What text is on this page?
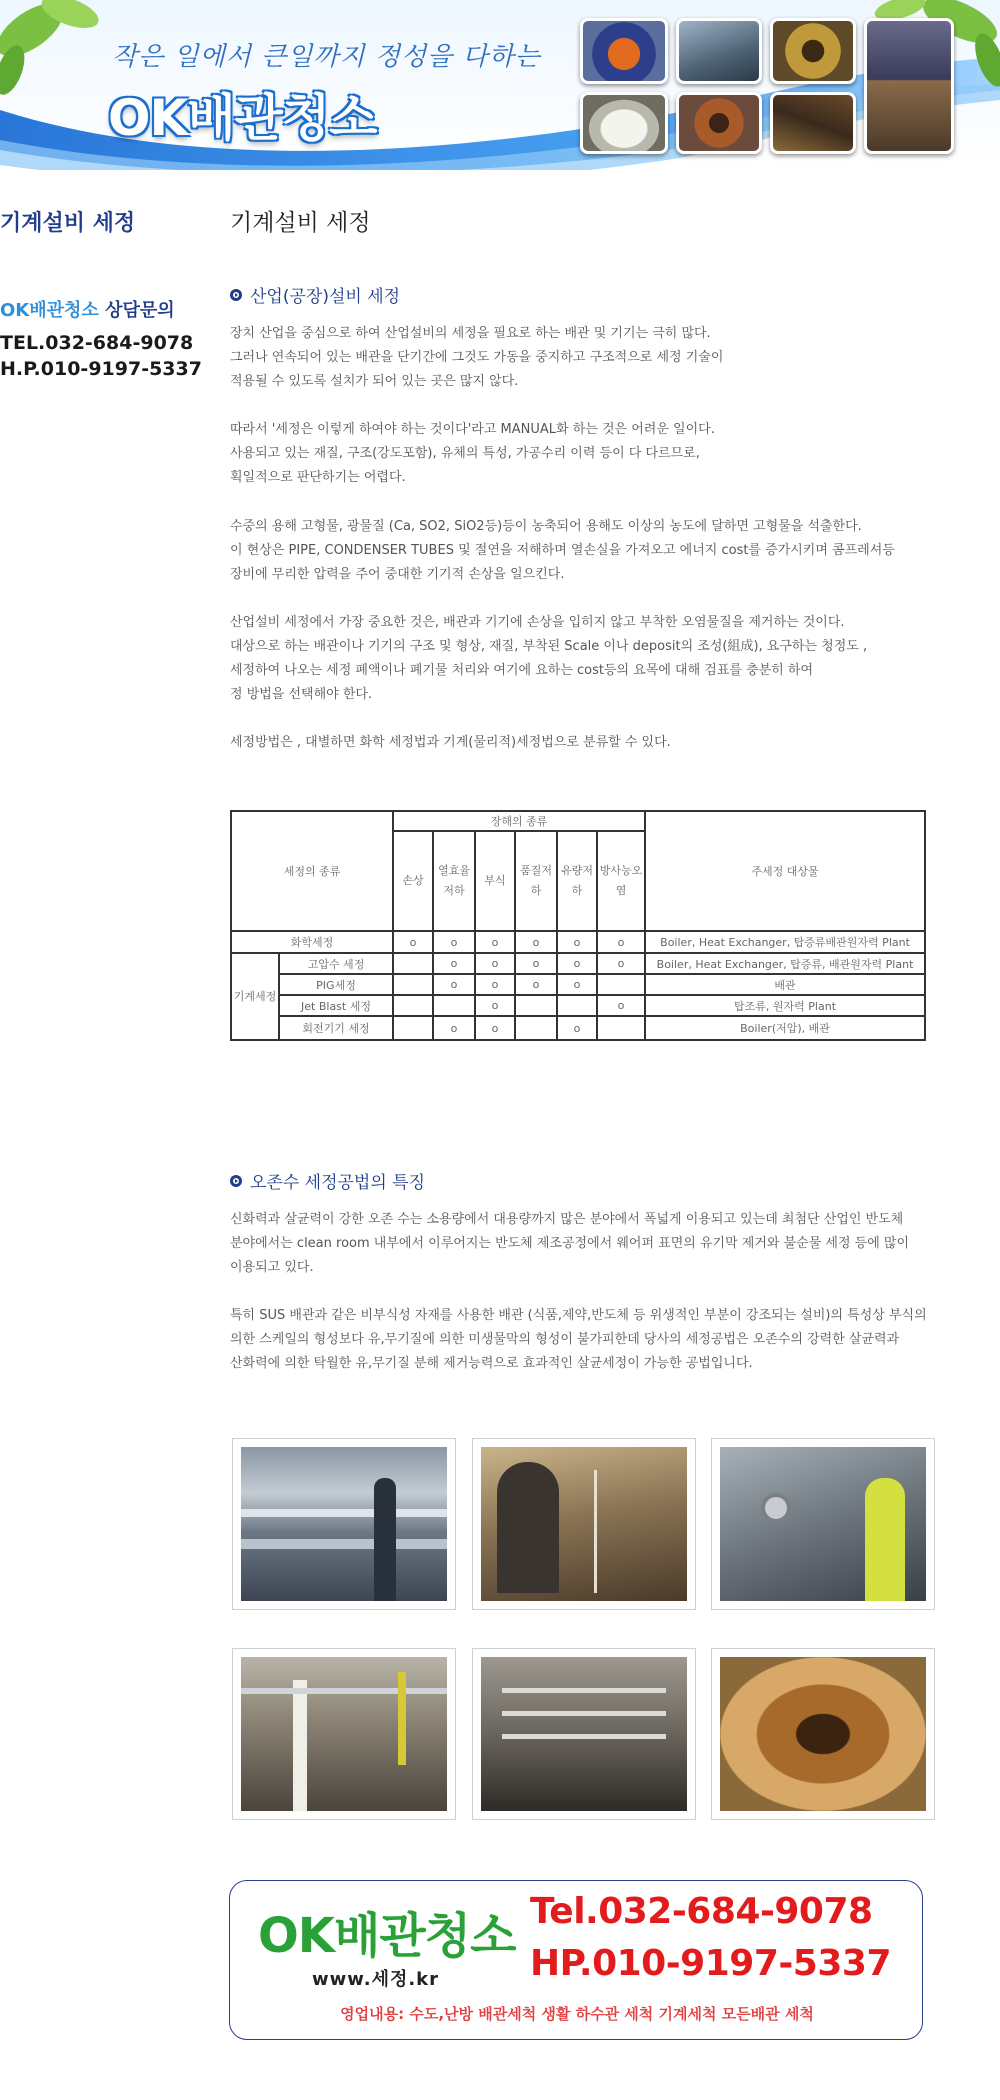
작은 일에서 큰일까지 정성을 다하는
OK배관청소
기계설비 세정
OK배관청소 상담문의
TEL.032-684-9078
H.P.010-9197-5337
기계설비 세정
산업(공장)설비 세정

장치 산업을 중심으로 하여 산업설비의 세정을 필요로 하는 배관 및 기기는 극히 많다.

그러나 연속되어 있는 배관을 단기간에 그것도 가동을 중지하고 구조적으로 세정 기술이

적용될 수 있도록 설치가 되어 있는 곳은 많지 않다.

따라서 '세정은 이렇게 하여야 하는 것이다'라고 MANUAL화 하는 것은 어려운 일이다.

사용되고 있는 재질, 구조(강도포함), 유체의 특성, 가공수리 이력 등이 다 다르므로,

획일적으로 판단하기는 어렵다.

수중의 용해 고형물, 광물질 (Ca, SO2, SiO2등)등이 농축되어 용해도 이상의 농도에 달하면 고형물을 석출한다.

이 현상은 PIPE, CONDENSER TUBES 및 절연을 저해하며 열손실을 가져오고 에너지 cost를 증가시키며 콤프레셔등

장비에 무리한 압력을 주어 중대한 기기적 손상을 일으킨다.

산업설비 세정에서 가장 중요한 것은, 배관과 기기에 손상을 입히지 않고 부착한 오염물질을 제거하는 것이다.

대상으로 하는 배관이나 기기의 구조 및 형상, 재질, 부착된 Scale 이나 deposit의 조성(組成), 요구하는 청정도 ,

세정하여 나오는 세정 폐액이나 폐기물 처리와 여기에 요하는 cost등의 요목에 대해 검표를 충분히 하여

정 방법을 선택해야 한다.

세정방법은 , 대별하면 화학 세정법과 기계(물리적)세정법으로 분류할 수 있다.

세정의 종류		장해의 종류						주세정 대상물
		손상	열효율저하	부식	품질저하	유량저하	방사능오염	
화학세정		o	o	o	o	o	o	Boiler, Heat Exchanger, 탑증류배관원자력 Plant
기계세정	고압수 세정		o	o	o	o	o	Boiler, Heat Exchanger, 탑증류, 배관원자력 Plant
	PIG세정		o	o	o	o		배관
	Jet Blast 세정			o			o	탑조류, 원자력 Plant
	회전기기 세정		o	o		o		Boiler(저압), 배관
오존수 세정공법의 특징

신화력과 살균력이 강한 오존 수는 소용량에서 대용량까지 많은 분야에서 폭넓게 이용되고 있는데 최첨단 산업인 반도체

분야에서는 clean room 내부에서 이루어지는 반도체 제조공정에서 웨어퍼 표면의 유기막 제거와 불순물 세정 등에 많이

이용되고 있다.

특히 SUS 배관과 같은 비부식성 자재를 사용한 배관 (식품,제약,반도체 등 위생적인 부분이 강조되는 설비)의 특성상 부식의

의한 스케일의 형성보다 유,무기질에 의한 미생물막의 형성이 불가피한데 당사의 세정공법은 오존수의 강력한 살균력과

산화력에 의한 탁월한 유,무기질 분해 제거능력으로 효과적인 살균세정이 가능한 공법입니다.

OK배관청소
www.세정.kr
Tel.032-684-9078
HP.010-9197-5337
영업내용: 수도,난방 배관세척 생활 하수관 세척 기계세척 모든배관 세척
